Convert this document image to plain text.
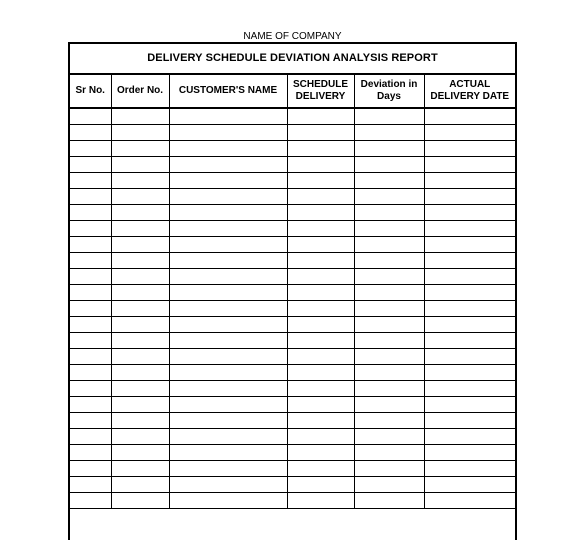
NAME OF COMPANY
DELIVERY SCHEDULE DEVIATION ANALYSIS REPORT
Sr No.	Order No.	CUSTOMER'S NAME	SCHEDULE DELIVERY	Deviation in Days	ACTUAL DELIVERY DATE
